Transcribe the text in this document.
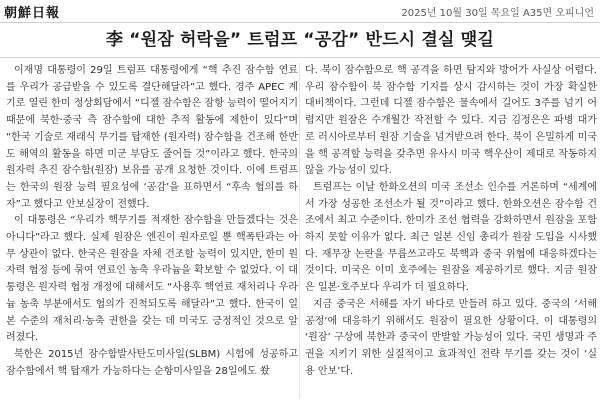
朝鮮日報	2025년 10월 30일 목요일 A35면 오피니언
李 “원잠 허락을” 트럼프 “공감” 반드시 결실 맺길

이재명 대통령이 29일 트럼프 대통령에게 “핵 추진 잠수함 연료를 우리가 공급받을 수 있도록 결단해달라”고 했다. 경주 APEC 계기로 열린 한미 정상회담에서 “디젤 잠수함은 잠항 능력이 떨어지기 때문에 북한·중국 측 잠수함에 대한 추적 활동에 제한이 있다”며 “한국 기술로 재래식 무기를 탑재한 (원자력) 잠수함을 건조해 한반도 해역의 활동을 하면 미군 부담도 줄어들 것”이라고 했다. 한국의 원자력 추진 잠수함(원잠) 보유를 공개 요청한 것이다. 이에 트럼프는 한국의 원잠 능력 필요성에 ‘공감’을 표하면서 “후속 협의를 하자”고 했다고 안보실장이 전했다.

이 대통령은 “우리가 핵무기를 적재한 잠수함을 만들겠다는 것은 아니다”라고 했다. 실제 원잠은 엔진이 원자로일 뿐 핵폭탄과는 아무 상관이 없다. 한국은 원잠을 자체 건조할 능력이 있지만, 한미 원자력 협정 등에 묶여 연료인 농축 우라늄을 확보할 수 없었다. 이 대통령은 원자력 협정 개정에 대해서도 “사용후 핵연료 재처리나 우라늄 농축 부분에서도 협의가 진척되도록 해달라”고 했다. 한국이 일본 수준의 재처리·농축 권한을 갖는 데 미국도 긍정적인 것으로 알려졌다.

북한은 2015년 잠수함발사탄도미사일(SLBM) 시험에 성공하고 잠수함에서 핵 탑재가 가능하다는 순항미사일을 28일에도 쐈

다. 북이 잠수함으로 핵 공격을 하면 탐지와 방어가 사실상 어렵다. 우리 잠수함이 북 잠수함 기지를 상시 감시하는 것이 가장 확실한 대비책이다. 그런데 디젤 잠수함은 물속에서 길어도 3주를 넘기 어렵지만 원잠은 수개월간 작전할 수 있다. 지금 김정은은 파병 대가로 러시아로부터 원잠 기술을 넘겨받으려 한다. 북이 은밀하게 미국을 핵 공격할 능력을 갖추면 유사시 미국 핵우산이 제대로 작동하지 않을 가능성이 있다.

트럼프는 이날 한화오션의 미국 조선소 인수를 거론하며 “세계에서 가장 성공한 조선소가 될 것”이라고 했다. 한화오션은 잠수함 건조에서 최고 수준이다. 한미가 조선 협력을 강화하면서 원잠을 포함하지 못할 이유가 없다. 최근 일본 신임 총리가 원잠 도입을 시사했다. 재무장 논란을 무릅쓰고라도 북핵과 중국 위협에 대응하겠다는 것이다. 미국은 이미 호주에는 원잠을 제공하기로 했다. 지금 원잠은 일본·호주보다 우리가 더 필요하다.

지금 중국은 서해를 자기 바다로 만들려 하고 있다. 중국의 ‘서해 공정’에 대응하기 위해서도 원잠이 필요한 상황이다. 이 대통령의 ‘원잠’ 구상에 북한과 중국이 반발할 가능성이 있다. 국민 생명과 주권을 지키기 위한 실질적이고 효과적인 전략 무기를 갖는 것이 ‘실용 안보’다.
